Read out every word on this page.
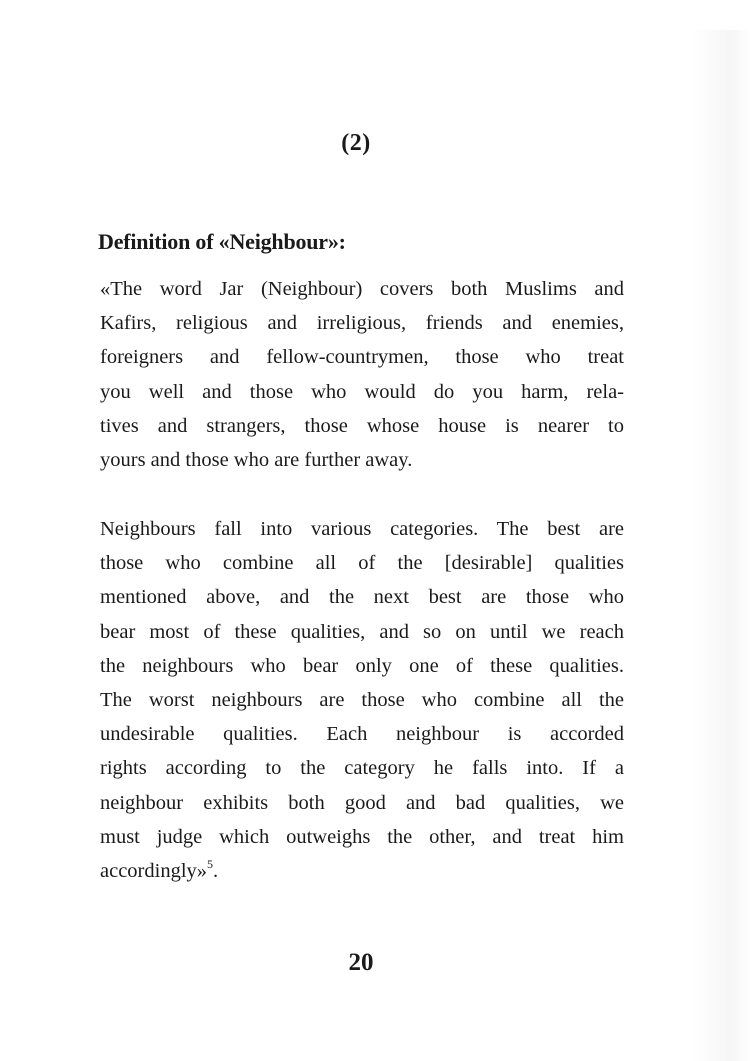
(2)
Definition of «Neighbour»:
«The word Jar (Neighbour) covers both Muslims and
Kafirs, religious and irreligious, friends and enemies,
foreigners and fellow-countrymen, those who treat
you well and those who would do you harm, rela-
tives and strangers, those whose house is nearer to
yours and those who are further away.
Neighbours fall into various categories. The best are
those who combine all of the [desirable] qualities
mentioned above, and the next best are those who
bear most of these qualities, and so on until we reach
the neighbours who bear only one of these qualities.
The worst neighbours are those who combine all the
undesirable qualities. Each neighbour is accorded
rights according to the category he falls into. If a
neighbour exhibits both good and bad qualities, we
must judge which outweighs the other, and treat him
accordingly»$^5$.
20
